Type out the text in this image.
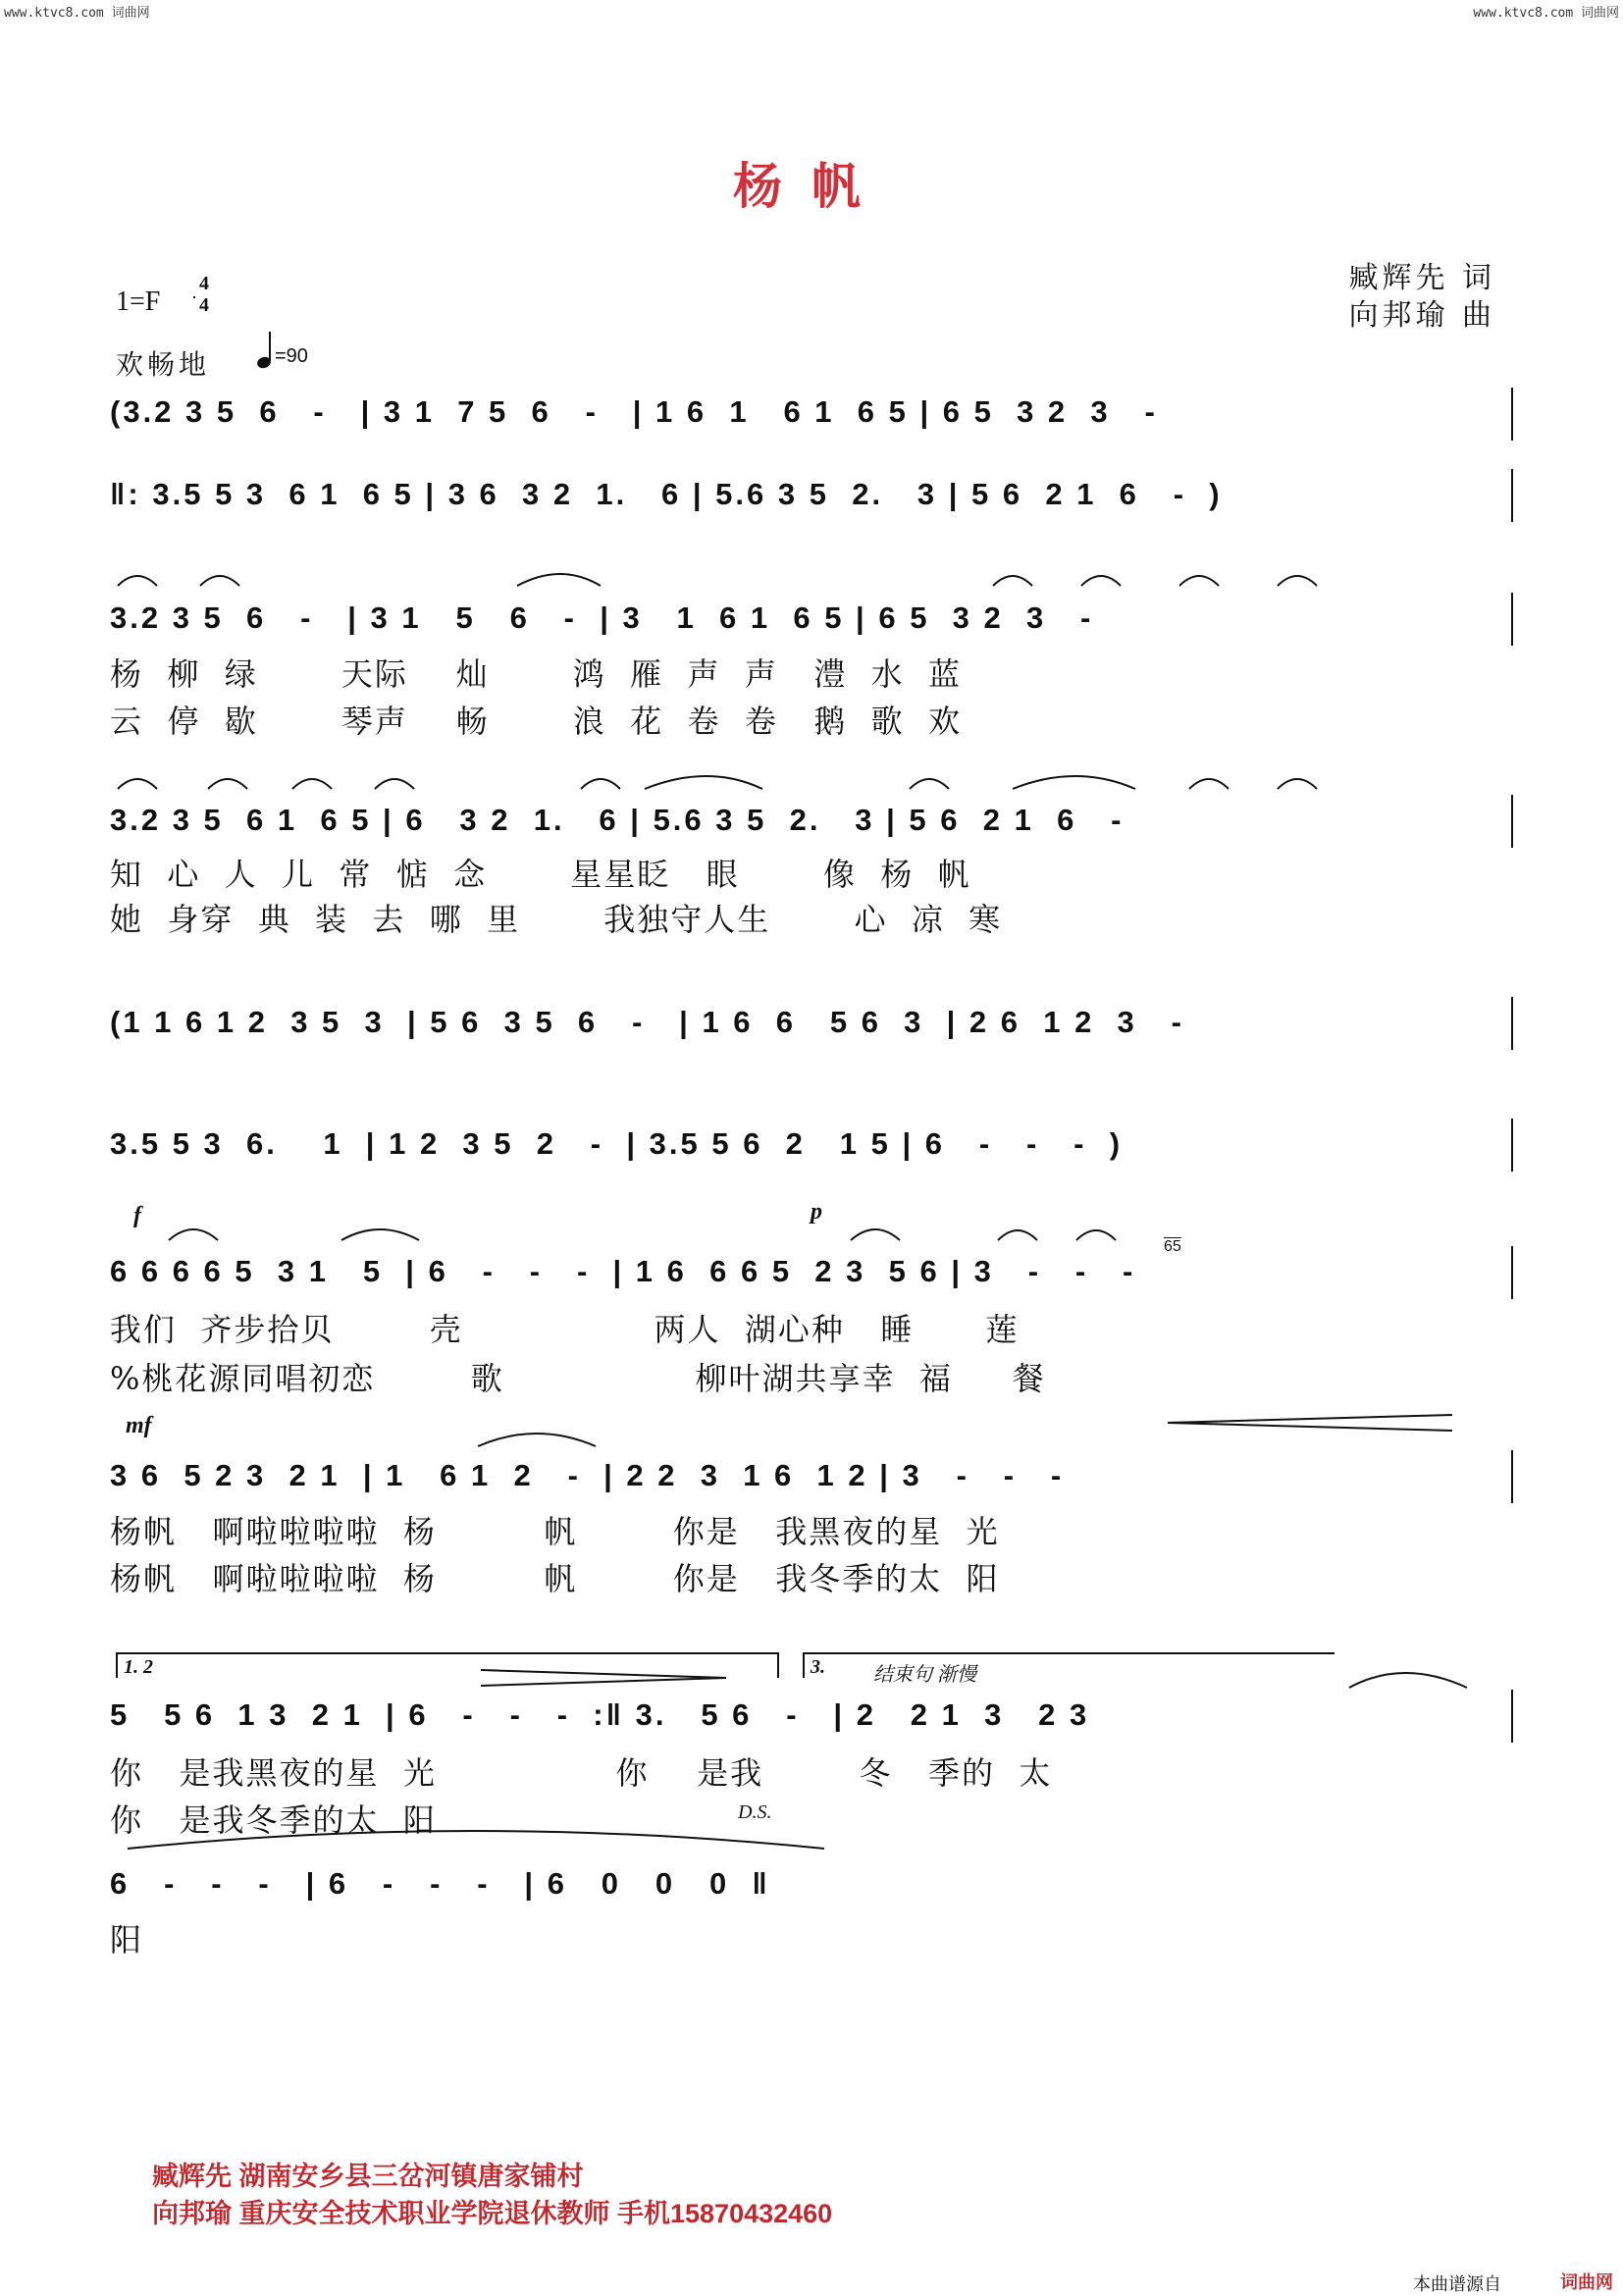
www.ktvc8.com 词曲网	www.ktvc8.com 词曲网
杨帆
臧辉先 词
向邦瑜 曲
1=F
4
4
欢畅地	=90
(3.2 3 5  6   -   | 3 1  7 5  6   -   | 1 6  1   6 1  6 5 | 6 5  3 2  3   -
‖: 3.5 5 3  6 1  6 5 | 3 6  3 2  1.   6 | 5.6 3 5  2.   3 | 5 6  2 1  6   -  )
3.2 3 5  6   -   | 3 1   5   6   -  | 3   1  6 1  6 5 | 6 5  3 2  3   -
杨  柳  绿       天际    灿       鸿  雁  声  声   澧  水  蓝
云  停  歇       琴声    畅       浪  花  卷  卷   鹅  歌  欢
3.2 3 5  6 1  6 5 | 6   3 2  1.   6 | 5.6 3 5  2.   3 | 5 6  2 1  6   -
知  心  人  儿  常  惦  念       星星眨   眼       像  杨  帆
她  身穿  典  装  去  哪  里       我独守人生       心  凉  寒
(1 1 6 1 2  3 5  3  | 5 6  3 5  6   -   | 1 6  6   5 6  3  | 2 6  1 2  3   -
3.5 5 3  6.    1  | 1 2  3 5  2   -  | 3.5 5 6  2   1 5 | 6   -   -   -  )
f	p
65
6 6 6 6 5  3 1   5  | 6   -   -   -  | 1 6  6 6 5  2 3  5 6 | 3   -   -   -
我们  齐步拾贝        壳                两人  湖心种   睡      莲
%桃花源同唱初恋        歌                柳叶湖共享幸  福     餐
mf
3 6  5 2 3  2 1  | 1   6 1  2   -  | 2 2  3  1 6  1 2 | 3   -   -   -
杨帆   啊啦啦啦啦  杨         帆        你是   我黑夜的星  光
杨帆   啊啦啦啦啦  杨         帆        你是   我冬季的太  阳
1. 2	3. 结束句 渐慢
5   5 6  1 3  2 1  | 6   -   -   -  :‖ 3.   5 6   -   | 2   2 1  3   2 3
你   是我黑夜的星  光               你    是我        冬   季的  太
你   是我冬季的太  阳	D.S.
6   -   -   -   | 6   -   -   -   | 6   0   0   0  ‖
阳
臧辉先 湖南安乡县三岔河镇唐家铺村
向邦瑜 重庆安全技术职业学院退休教师 手机15870432460
本曲谱源自	词曲网
